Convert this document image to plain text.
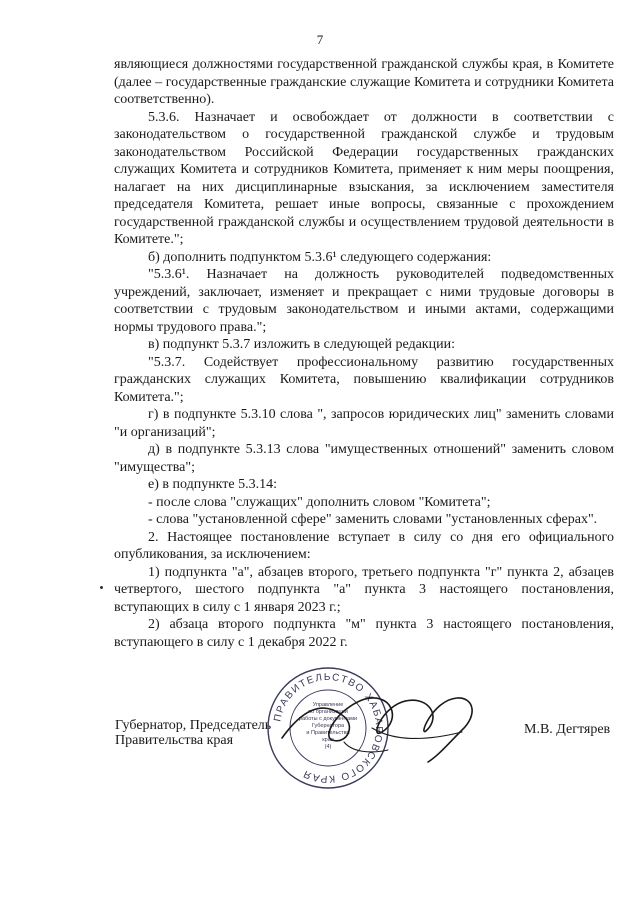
7

являющиеся должностями государственной гражданской службы края, в Комитете (далее – государственные гражданские служащие Комитета и сотрудники Комитета соответственно).

5.3.6. Назначает и освобождает от должности в соответствии с законодательством о государственной гражданской службе и трудовым законодательством Российской Федерации государственных гражданских служащих Комитета и сотрудников Комитета, применяет к ним меры поощрения, налагает на них дисциплинарные взыскания, за исключением заместителя председателя Комитета, решает иные вопросы, связанные с прохождением государственной гражданской службы и осуществлением трудовой деятельности в Комитете.";

б) дополнить подпунктом 5.3.6¹ следующего содержания:

"5.3.6¹. Назначает на должность руководителей подведомственных учреждений, заключает, изменяет и прекращает с ними трудовые договоры в соответствии с трудовым законодательством и иными актами, содержащими нормы трудового права.";

в) подпункт 5.3.7 изложить в следующей редакции:

"5.3.7. Содействует профессиональному развитию государственных гражданских служащих Комитета, повышению квалификации сотрудников Комитета.";

г) в подпункте 5.3.10 слова ", запросов юридических лиц" заменить словами "и организаций";

д) в подпункте 5.3.13 слова "имущественных отношений" заменить словом "имущества";

е) в подпункте 5.3.14:

- после слова "служащих" дополнить словом "Комитета";

- слова "установленной сфере" заменить словами "установленных сферах".

2. Настоящее постановление вступает в силу со дня его официального опубликования, за исключением:

1) подпункта "а", абзацев второго, третьего подпункта "г" пункта 2, абзацев четвертого, шестого подпункта "а" пункта 3 настоящего постановления, вступающих в силу с 1 января 2023 г.;

2) абзаца второго подпункта "м" пункта 3 настоящего постановления, вступающего в силу с 1 декабря 2022 г.

Губернатор, Председатель
Правительства края
ПРАВИТЕЛЬСТВО ХАБАРОВСКОГО КРАЯ
Управление
по организации
работы с документами
Губернатора
и Правительства
края
(4)
М.В. Дегтярев
